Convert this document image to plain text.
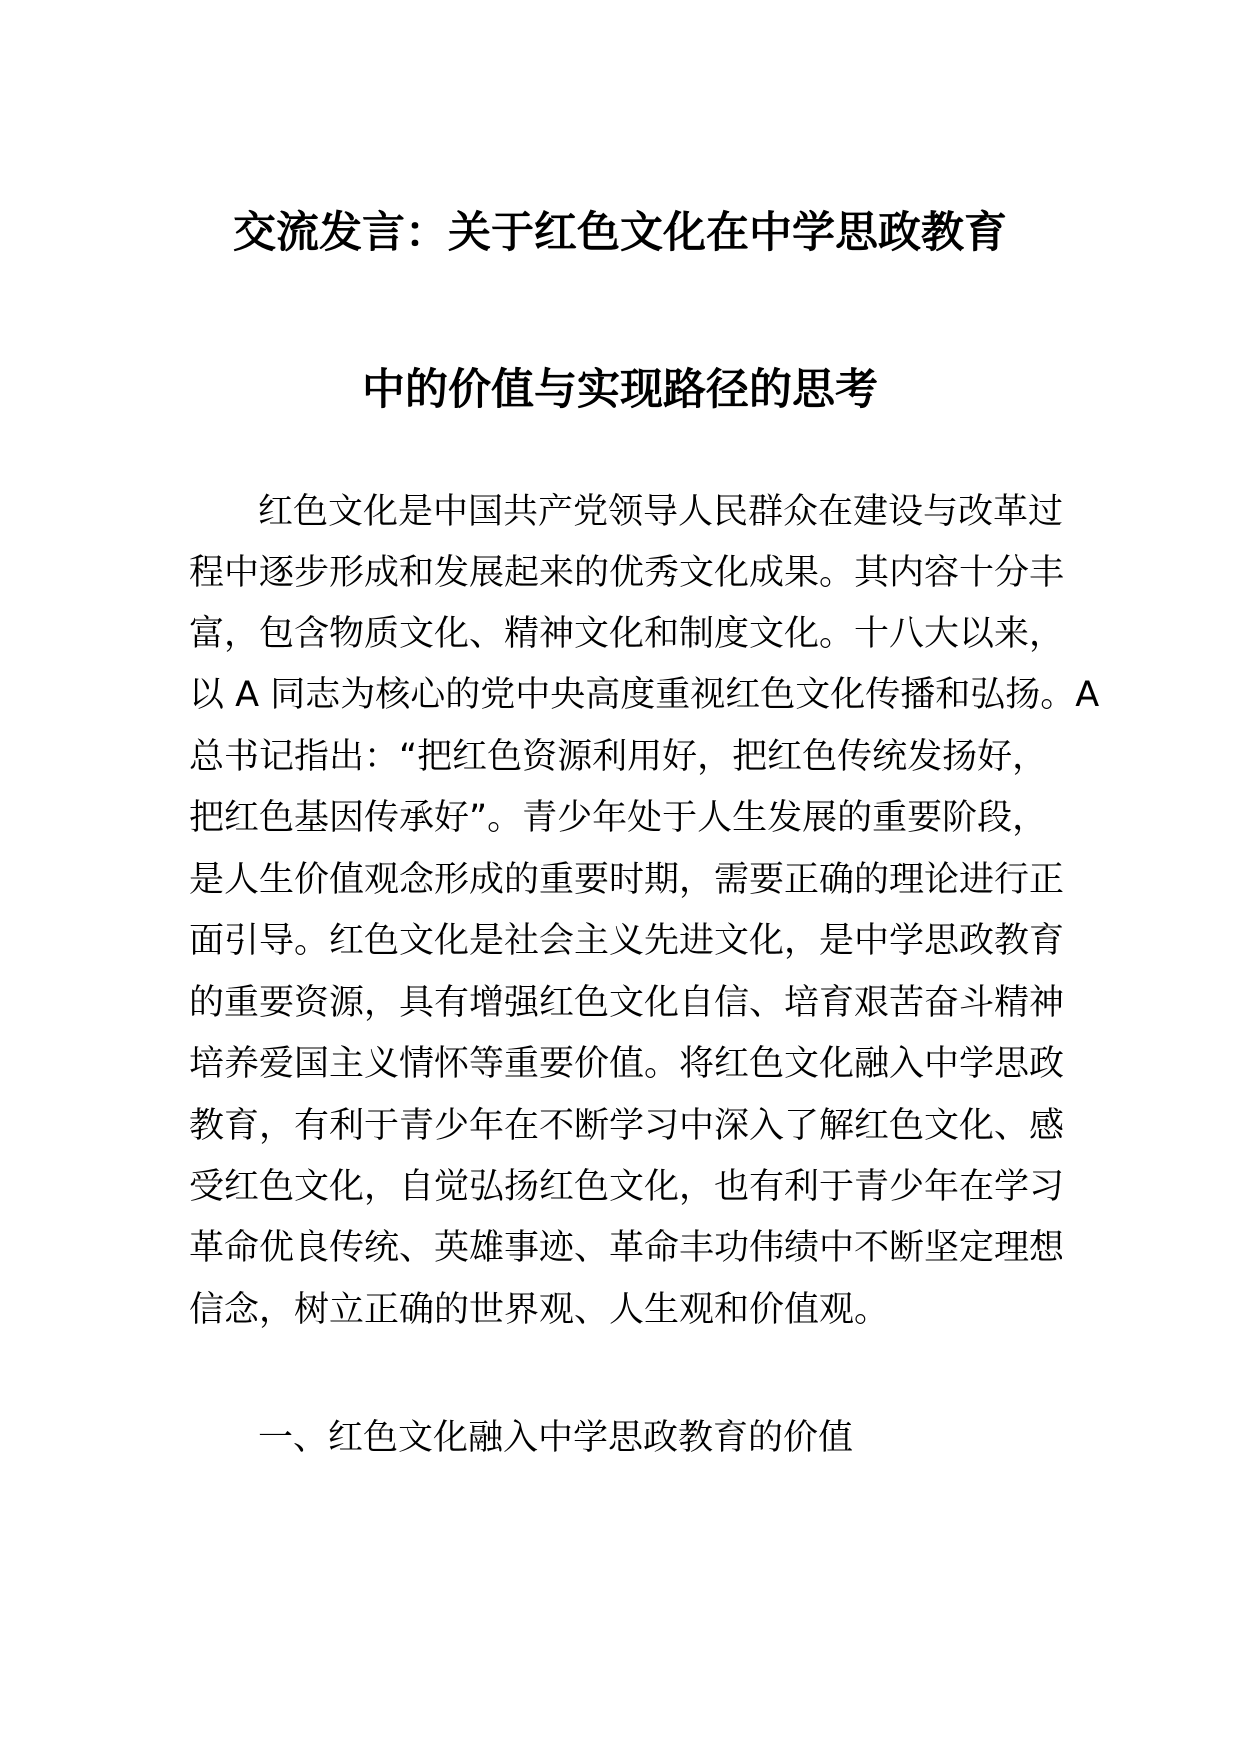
交流发言：关于红色文化在中学思政教育
中的价值与实现路径的思考
红色文化是中国共产党领导人民群众在建设与改革过
程中逐步形成和发展起来的优秀文化成果。其内容十分丰
富，包含物质文化、精神文化和制度文化。十八大以来，
以 A 同志为核心的党中央高度重视红色文化传播和弘扬。A
总书记指出：“把红色资源利用好，把红色传统发扬好，
把红色基因传承好”。青少年处于人生发展的重要阶段，
是人生价值观念形成的重要时期，需要正确的理论进行正
面引导。红色文化是社会主义先进文化，是中学思政教育
的重要资源，具有增强红色文化自信、培育艰苦奋斗精神
培养爱国主义情怀等重要价值。将红色文化融入中学思政
教育，有利于青少年在不断学习中深入了解红色文化、感
受红色文化，自觉弘扬红色文化，也有利于青少年在学习
革命优良传统、英雄事迹、革命丰功伟绩中不断坚定理想
信念，树立正确的世界观、人生观和价值观。
一、红色文化融入中学思政教育的价值
